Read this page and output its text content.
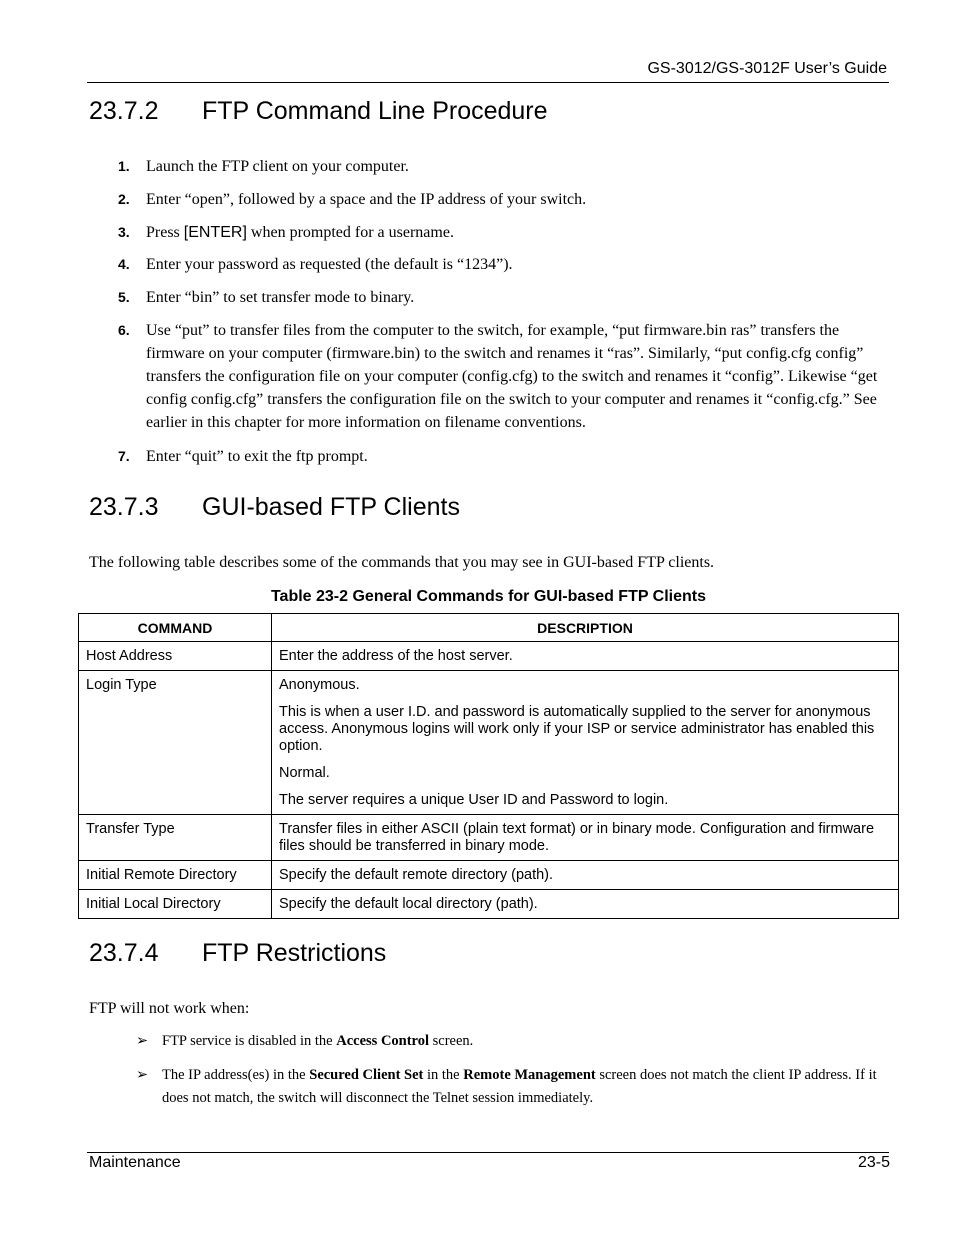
GS-3012/GS-3012F User’s Guide
23.7.2 FTP Command Line Procedure
1. Launch the FTP client on your computer.
2. Enter “open”, followed by a space and the IP address of your switch.
3. Press [ENTER] when prompted for a username.
4. Enter your password as requested (the default is “1234”).
5. Enter “bin” to set transfer mode to binary.
6. Use “put” to transfer files from the computer to the switch, for example, “put firmware.bin ras” transfers the firmware on your computer (firmware.bin) to the switch and renames it “ras”. Similarly, “put config.cfg config” transfers the configuration file on your computer (config.cfg) to the switch and renames it “config”. Likewise “get config config.cfg” transfers the configuration file on the switch to your computer and renames it “config.cfg.” See earlier in this chapter for more information on filename conventions.
7. Enter “quit” to exit the ftp prompt.
23.7.3 GUI-based FTP Clients
The following table describes some of the commands that you may see in GUI-based FTP clients.
Table 23-2 General Commands for GUI-based FTP Clients
COMMAND	DESCRIPTION
Host Address	Enter the address of the host server.

Login Type	Anonymous.

This is when a user I.D. and password is automatically supplied to the server for anonymous access. Anonymous logins will work only if your ISP or service administrator has enabled this option.

Normal.

The server requires a unique User ID and Password to login.

Transfer Type	Transfer files in either ASCII (plain text format) or in binary mode. Configuration and firmware files should be transferred in binary mode.

Initial Remote Directory	Specify the default remote directory (path).

Initial Local Directory	Specify the default local directory (path).

23.7.4 FTP Restrictions
FTP will not work when:
➢ FTP service is disabled in the Access Control screen.
➢ The IP address(es) in the Secured Client Set in the Remote Management screen does not match the client IP address. If it does not match, the switch will disconnect the Telnet session immediately.
Maintenance	23-5
